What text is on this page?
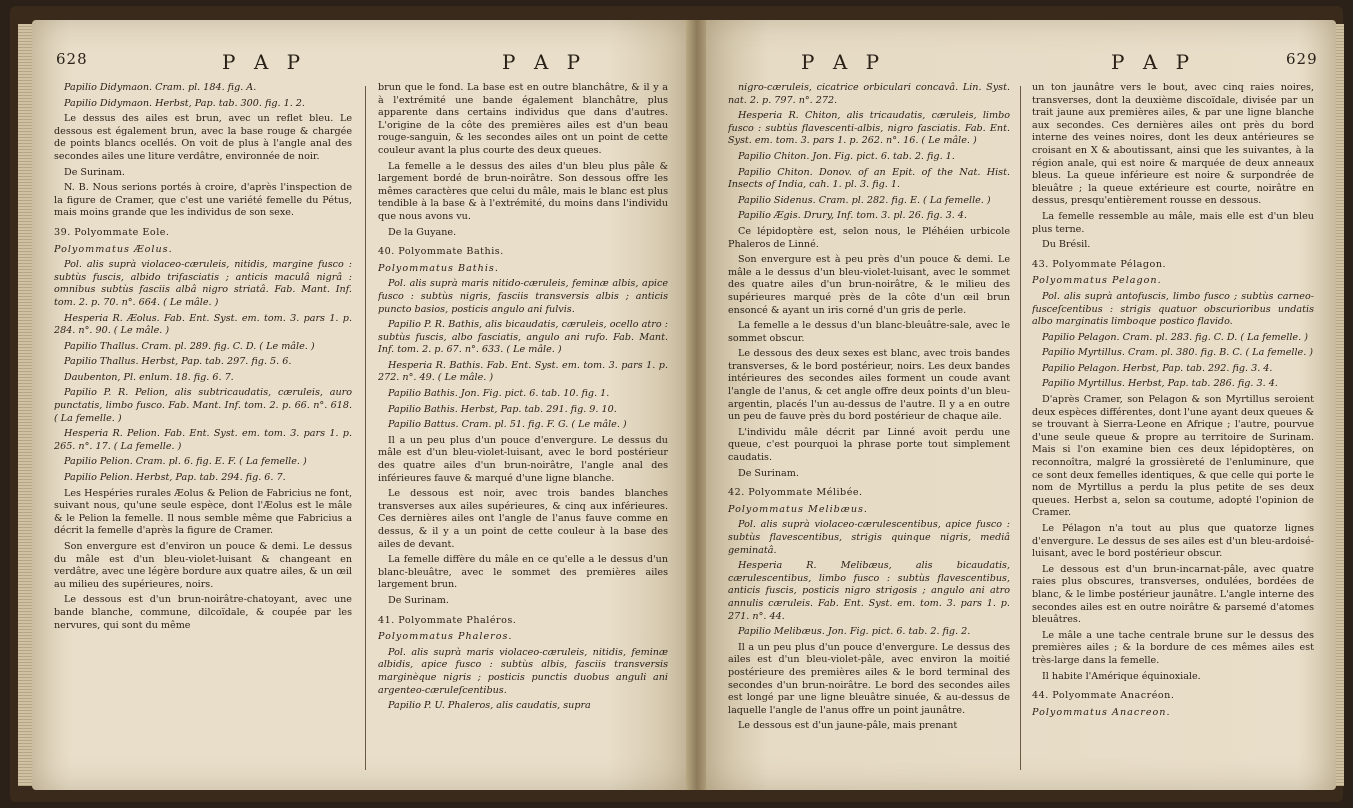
628	P A P	P A P

Papilio Didymaon. Cram. pl. 184. fig. A.

Papilio Didymaon. Herbst, Pap. tab. 300. fig. 1. 2.

Le dessus des ailes est brun, avec un reflet bleu. Le dessous est également brun, avec la base rouge & chargée de points blancs ocellés. On voit de plus à l'angle anal des secondes ailes une liture verdâtre, environnée de noir.

De Surinam.

N. B. Nous serions portés à croire, d'après l'inspection de la figure de Cramer, que c'est une variété femelle du Pétus, mais moins grande que les individus de son sexe.

39. Polyommate Eole.

Polyommatus Æolus.

Pol. alis suprà violaceo-cæruleis, nitidis, margine fusco : subtùs fuscis, albido trifasciatis ; anticis maculâ nigrâ : omnibus subtùs fasciis albâ nigro striatâ. Fab. Mant. Inf. tom. 2. p. 70. n°. 664. ( Le mâle. )

Hesperia R. Æolus. Fab. Ent. Syst. em. tom. 3. pars 1. p. 284. n°. 90. ( Le mâle. )

Papilio Thallus. Cram. pl. 289. fig. C. D. ( Le mâle. )

Papilio Thallus. Herbst, Pap. tab. 297. fig. 5. 6.

Daubenton, Pl. enlum. 18. fig. 6. 7.

Papilio P. R. Pelion, alis subtricaudatis, cæruleis, auro punctatis, limbo fusco. Fab. Mant. Inf. tom. 2. p. 66. n°. 618. ( La femelle. )

Hesperia R. Pelion. Fab. Ent. Syst. em. tom. 3. pars 1. p. 265. n°. 17. ( La femelle. )

Papilio Pelion. Cram. pl. 6. fig. E. F. ( La femelle. )

Papilio Pelion. Herbst, Pap. tab. 294. fig. 6. 7.

Les Hespéries rurales Æolus & Pelion de Fabricius ne font, suivant nous, qu'une seule espèce, dont l'Æolus est le mâle & le Pelion la femelle. Il nous semble même que Fabricius a décrit la femelle d'après la figure de Cramer.

Son envergure est d'environ un pouce & demi. Le dessus du mâle est d'un bleu-violet-luisant & changeant en verdâtre, avec une légère bordure aux quatre ailes, & un œil au milieu des supérieures, noirs.

Le dessous est d'un brun-noirâtre-chatoyant, avec une bande blanche, commune, dilcoïdale, & coupée par les nervures, qui sont du même

brun que le fond. La base est en outre blanchâtre, & il y a à l'extrémité une bande également blanchâtre, plus apparente dans certains individus que dans d'autres. L'origine de la côte des premières ailes est d'un beau rouge-sanguin, & les secondes ailes ont un point de cette couleur avant la plus courte des deux queues.

La femelle a le dessus des ailes d'un bleu plus pâle & largement bordé de brun-noirâtre. Son dessous offre les mêmes caractères que celui du mâle, mais le blanc est plus tendible à la base & à l'extrémité, du moins dans l'individu que nous avons vu.

De la Guyane.

40. Polyommate Bathis.

Polyommatus Bathis.

Pol. alis suprà maris nitido-cæruleis, feminæ albis, apice fusco : subtùs nigris, fasciis transversis albis ; anticis puncto basios, posticis angulo ani fulvis.

Papilio P. R. Bathis, alis bicaudatis, cæruleis, ocello atro : subtùs fuscis, albo fasciatis, angulo ani rufo. Fab. Mant. Inf. tom. 2. p. 67. n°. 633. ( Le mâle. )

Hesperia R. Bathis. Fab. Ent. Syst. em. tom. 3. pars 1. p. 272. n°. 49. ( Le mâle. )

Papilio Bathis. Jon. Fig. pict. 6. tab. 10. fig. 1.

Papilio Bathis. Herbst, Pap. tab. 291. fig. 9. 10.

Papilio Battus. Cram. pl. 51. fig. F. G. ( Le mâle. )

Il a un peu plus d'un pouce d'envergure. Le dessus du mâle est d'un bleu-violet-luisant, avec le bord postérieur des quatre ailes d'un brun-noirâtre, l'angle anal des inférieures fauve & marqué d'une ligne blanche.

Le dessous est noir, avec trois bandes blanches transverses aux ailes supérieures, & cinq aux inférieures. Ces dernières ailes ont l'angle de l'anus fauve comme en dessus, & il y a un point de cette couleur à la base des ailes de devant.

La femelle diffère du mâle en ce qu'elle a le dessus d'un blanc-bleuâtre, avec le sommet des premières ailes largement brun.

De Surinam.

41. Polyommate Phaléros.

Polyommatus Phaleros.

Pol. alis suprà maris violaceo-cæruleis, nitidis, feminæ albidis, apice fusco : subtùs albis, fasciis transversis marginèque nigris ; posticis punctis duobus anguli ani argenteo-cæruleſcentibus.

Papilio P. U. Phaleros, alis caudatis, supra

P A P	P A P	629

nigro-cæruleis, cicatrice orbiculari concavâ. Lin. Syst. nat. 2. p. 797. n°. 272.

Hesperia R. Chiton, alis tricaudatis, cæruleis, limbo fusco : subtùs flavescenti-albis, nigro fasciatis. Fab. Ent. Syst. em. tom. 3. pars 1. p. 262. n°. 16. ( Le mâle. )

Papilio Chiton. Jon. Fig. pict. 6. tab. 2. fig. 1.

Papilio Chiton. Donov. of an Epit. of the Nat. Hist. Insects of India, cah. 1. pl. 3. fig. 1.

Papilio Sidenus. Cram. pl. 282. fig. E. ( La femelle. )

Papilio Ægis. Drury, Inf. tom. 3. pl. 26. fig. 3. 4.

Ce lépidoptère est, selon nous, le Pléhéien urbicole Phaleros de Linné.

Son envergure est à peu près d'un pouce & demi. Le mâle a le dessus d'un bleu-violet-luisant, avec le sommet des quatre ailes d'un brun-noirâtre, & le milieu des supérieures marqué près de la côte d'un œil brun ensoncé & ayant un iris corné d'un gris de perle.

La femelle a le dessus d'un blanc-bleuâtre-sale, avec le sommet obscur.

Le dessous des deux sexes est blanc, avec trois bandes transverses, & le bord postérieur, noirs. Les deux bandes intérieures des secondes ailes forment un coude avant l'angle de l'anus, & cet angle offre deux points d'un bleu-argentin, placés l'un au-dessus de l'autre. Il y a en outre un peu de fauve près du bord postérieur de chaque aile.

L'individu mâle décrit par Linné avoit perdu une queue, c'est pourquoi la phrase porte tout simplement caudatis.

De Surinam.

42. Polyommate Mélibée.

Polyommatus Melibæus.

Pol. alis suprà violaceo-cærulescentibus, apice fusco : subtùs flavescentibus, strigis quinque nigris, mediâ geminatâ.

Hesperia R. Melibæus, alis bicaudatis, cærulescentibus, limbo fusco : subtùs flavescentibus, anticis fuscis, posticis nigro strigosis ; angulo ani atro annulis cæruleis. Fab. Ent. Syst. em. tom. 3. pars 1. p. 271. n°. 44.

Papilio Melibæus. Jon. Fig. pict. 6. tab. 2. fig. 2.

Il a un peu plus d'un pouce d'envergure. Le dessus des ailes est d'un bleu-violet-pâle, avec environ la moitié postérieure des premières ailes & le bord terminal des secondes d'un brun-noirâtre. Le bord des secondes ailes est longé par une ligne bleuâtre sinuée, & au-dessus de laquelle l'angle de l'anus offre un point jaunâtre.

Le dessous est d'un jaune-pâle, mais prenant

un ton jaunâtre vers le bout, avec cinq raies noires, transverses, dont la deuxième discoïdale, divisée par un trait jaune aux premières ailes, & par une ligne blanche aux secondes. Ces dernières ailes ont près du bord interne des veines noires, dont les deux antérieures se croisant en X & aboutissant, ainsi que les suivantes, à la région anale, qui est noire & marquée de deux anneaux bleus. La queue inférieure est noire & surpondrée de bleuâtre ; la queue extérieure est courte, noirâtre en dessus, presqu'entièrement rousse en dessous.

La femelle ressemble au mâle, mais elle est d'un bleu plus terne.

Du Brésil.

43. Polyommate Pélagon.

Polyommatus Pelagon.

Pol. alis suprà antofuscis, limbo fusco ; subtùs carneo-fusceſcentibus : strigis quatuor obscurioribus undatis albo marginatis limboque postico flavido.

Papilio Pelagon. Cram. pl. 283. fig. C. D. ( La femelle. )

Papilio Myrtillus. Cram. pl. 380. fig. B. C. ( La femelle. )

Papilio Pelagon. Herbst, Pap. tab. 292. fig. 3. 4.

Papilio Myrtillus. Herbst, Pap. tab. 286. fig. 3. 4.

D'après Cramer, son Pelagon & son Myrtillus seroient deux espèces différentes, dont l'une ayant deux queues & se trouvant à Sierra-Leone en Afrique ; l'autre, pourvue d'une seule queue & propre au territoire de Surinam. Mais si l'on examine bien ces deux lépidoptères, on reconnoîtra, malgré la grossièreté de l'enluminure, que ce sont deux femelles identiques, & que celle qui porte le nom de Myrtillus a perdu la plus petite de ses deux queues. Herbst a, selon sa coutume, adopté l'opinion de Cramer.

Le Pélagon n'a tout au plus que quatorze lignes d'envergure. Le dessus de ses ailes est d'un bleu-ardoisé-luisant, avec le bord postérieur obscur.

Le dessous est d'un brun-incarnat-pâle, avec quatre raies plus obscures, transverses, ondulées, bordées de blanc, & le limbe postérieur jaunâtre. L'angle interne des secondes ailes est en outre noirâtre & parsemé d'atomes bleuâtres.

Le mâle a une tache centrale brune sur le dessus des premières ailes ; & la bordure de ces mêmes ailes est très-large dans la femelle.

Il habite l'Amérique équinoxiale.

44. Polyommate Anacréon.

Polyommatus Anacreon.
